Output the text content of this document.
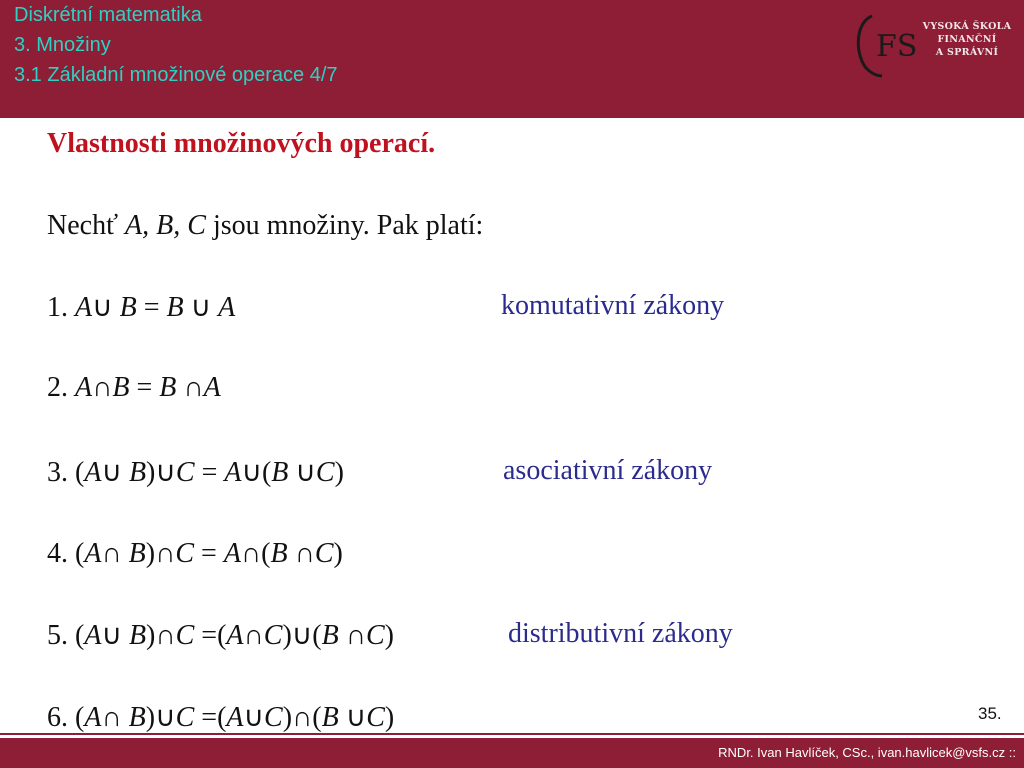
Diskrétní matematika
3. Množiny
3.1 Základní množinové operace 4/7
FS
VYSOKÁ ŠKOLA
FINANČNÍ
A SPRÁVNÍ
Vlastnosti množinových operací.
Nechť A, B, C jsou množiny. Pak platí:
1. A∪ B = B ∪ A
2. A∩B = B ∩A
3. (A∪ B)∪C = A∪(B ∪C)
4. (A∩ B)∩C = A∩(B ∩C)
5. (A∪ B)∩C =(A∩C)∪(B ∩C)
6. (A∩ B)∪C =(A∪C)∩(B ∪C)
komutativní zákony
asociativní zákony
distributivní zákony
35.
RNDr. Ivan Havlíček, CSc., ivan.havlicek@vsfs.cz ::
